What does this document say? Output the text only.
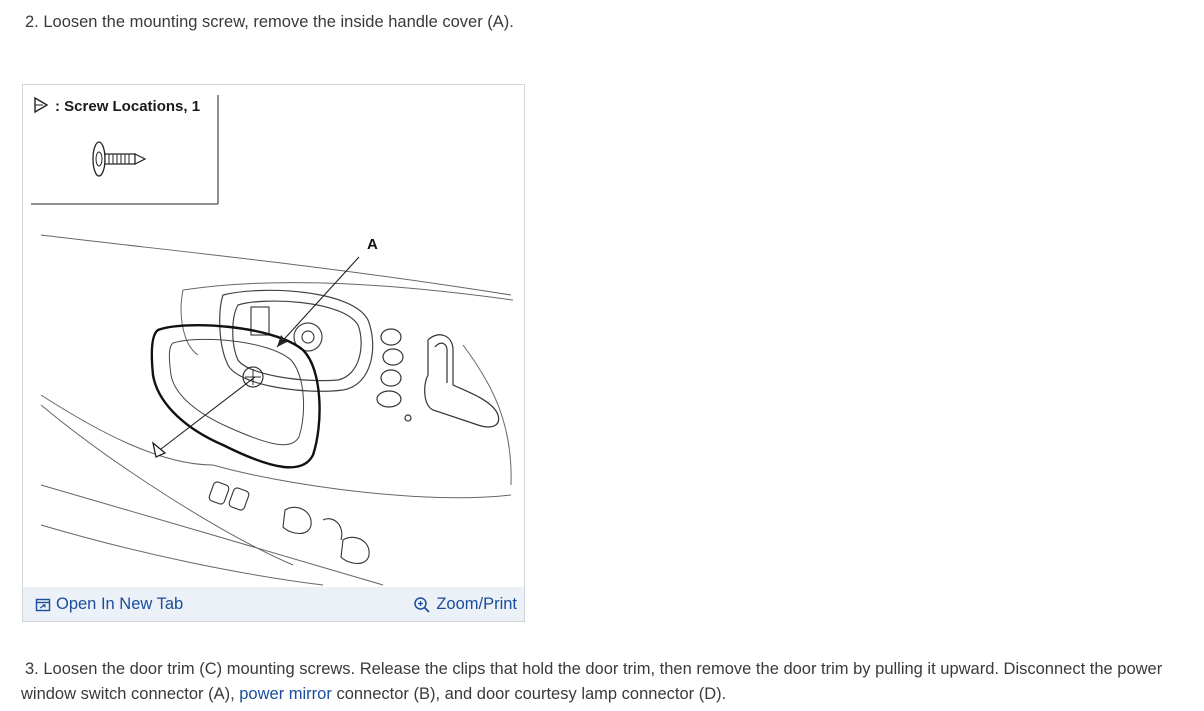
2. Loosen the mounting screw, remove the inside handle cover (A).

: Screw Locations, 1
A
Open In New Tab	Zoom/Print

3. Loosen the door trim (C) mounting screws. Release the clips that hold the door trim, then remove the door trim by pulling it upward. Disconnect the power window switch connector (A), power mirror connector (B), and door courtesy lamp connector (D).
